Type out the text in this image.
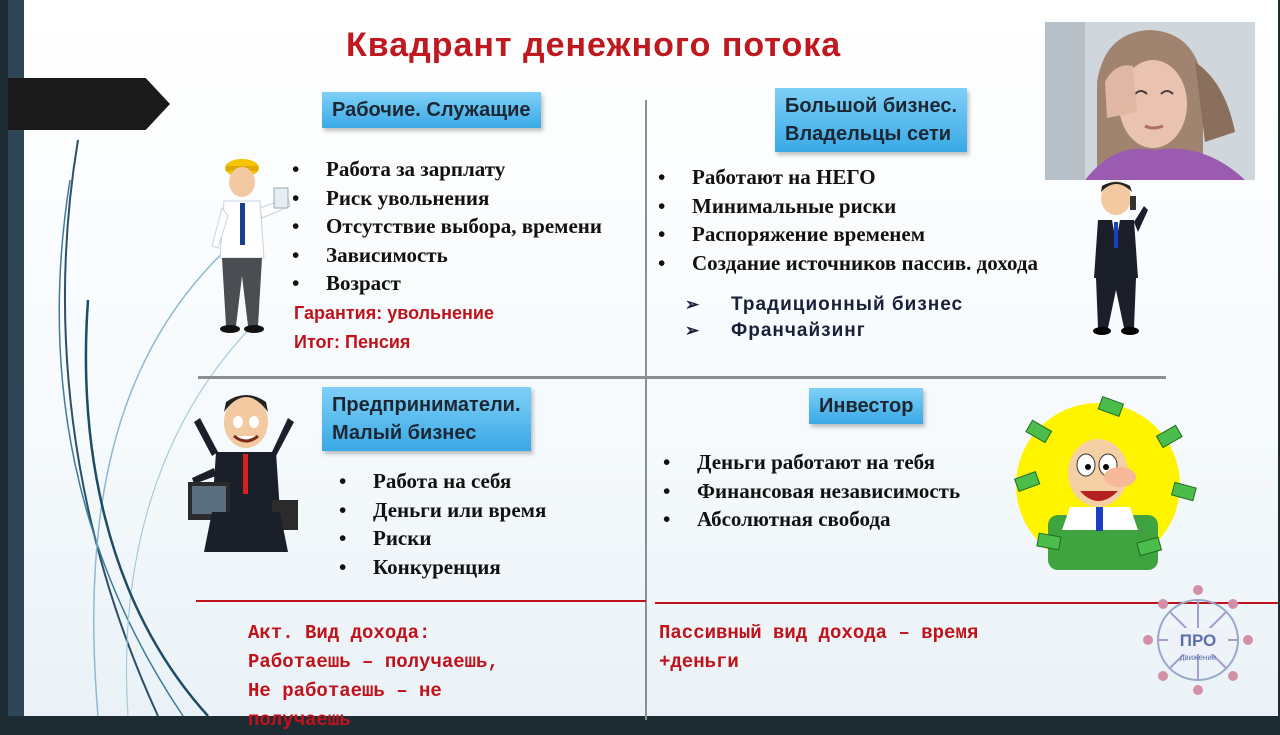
Квадрант денежного потока
Рабочие. Служащие
• Работа за зарплату
• Риск увольнения
• Отсутствие выбора, времени
• Зависимость
• Возраст
Гарантия: увольнение
Итог: Пенсия
Большой бизнес.
Владельцы сети
• Работают на НЕГО
• Минимальные риски
• Распоряжение временем
• Создание источников пассив. дохода
➢ Традиционный бизнес
➢ Франчайзинг
Предприниматели.
Малый бизнес
• Работа на себя
• Деньги или время
• Риски
• Конкуренция
Инвестор
• Деньги работают на тебя
• Финансовая независимость
• Абсолютная свобода
Акт. Вид дохода:
Работаешь – получаешь,
Не работаешь – не
получаешь
Пассивный вид дохода – время
+деньги
ПРО
движение
